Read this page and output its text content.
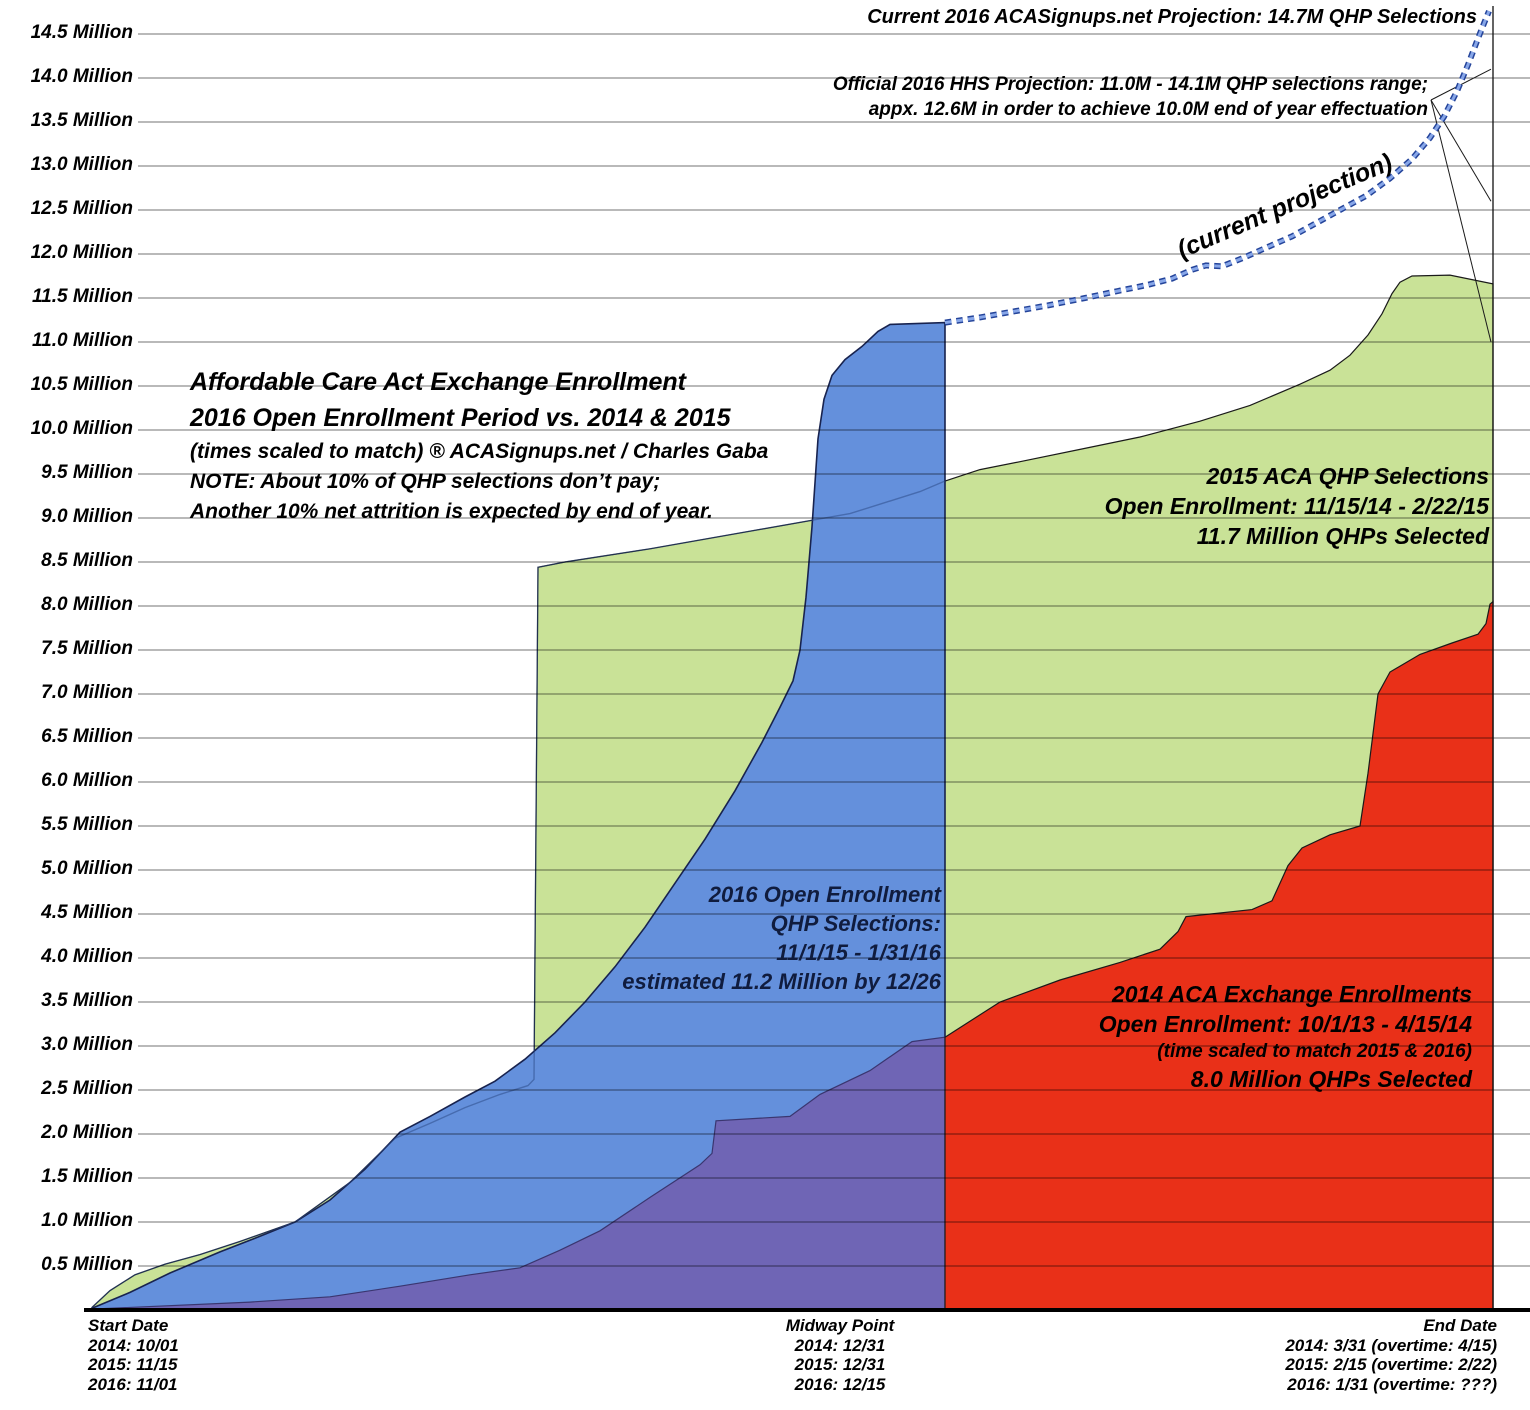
14.5 Million
14.0 Million
13.5 Million
13.0 Million
12.5 Million
12.0 Million
11.5 Million
11.0 Million
10.5 Million
10.0 Million
9.5 Million
9.0 Million
8.5 Million
8.0 Million
7.5 Million
7.0 Million
6.5 Million
6.0 Million
5.5 Million
5.0 Million
4.5 Million
4.0 Million
3.5 Million
3.0 Million
2.5 Million
2.0 Million
1.5 Million
1.0 Million
0.5 Million
Affordable Care Act Exchange Enrollment
2016 Open Enrollment Period vs. 2014 & 2015
(times scaled to match) ® ACASignups.net / Charles Gaba
NOTE: About 10% of QHP selections don’t pay;
Another 10% net attrition is expected by end of year.
Current 2016 ACASignups.net Projection: 14.7M QHP Selections
Official 2016 HHS Projection: 11.0M - 14.1M QHP selections range;
appx. 12.6M in order to achieve 10.0M end of year effectuation
(current projection)
2015 ACA QHP Selections
Open Enrollment: 11/15/14 - 2/22/15
11.7 Million QHPs Selected
2014 ACA Exchange Enrollments
Open Enrollment: 10/1/13 - 4/15/14
(time scaled to match 2015 & 2016)
8.0 Million QHPs Selected
2016 Open Enrollment
QHP Selections:
11/1/15 - 1/31/16
estimated 11.2 Million by 12/26
Start Date
2014: 10/01
2015: 11/15
2016: 11/01
Midway Point
2014: 12/31
2015: 12/31
2016: 12/15
End Date
2014: 3/31 (overtime: 4/15)
2015: 2/15 (overtime: 2/22)
2016: 1/31 (overtime: ???)
